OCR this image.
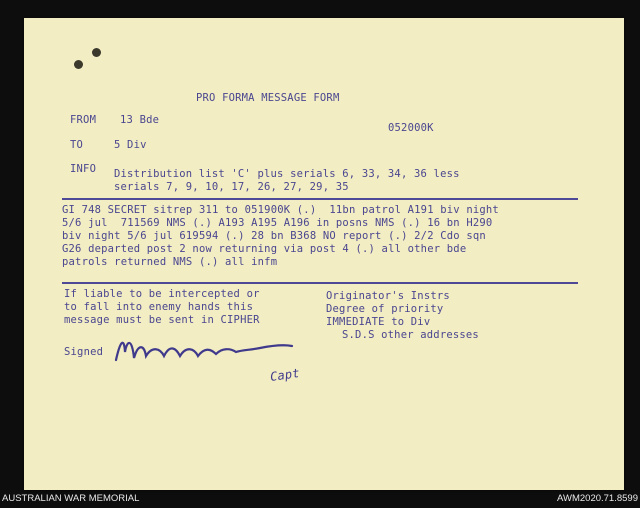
PRO FORMA MESSAGE FORM
FROM 13 Bde
052000K
TO	5 Div
INFO Distribution list 'C' plus serials 6, 33, 34, 36 less
serials 7, 9, 10, 17, 26, 27, 29, 35
GI 748 SECRET sitrep 311 to 051900K (.)  11bn patrol A191 biv night
5/6 jul  711569 NMS (.) A193 A195 A196 in posns NMS (.) 16 bn H290
biv night 5/6 jul 619594 (.) 28 bn B368 NO report (.) 2/2 Cdo sqn
G26 departed post 2 now returning via post 4 (.) all other bde
patrols returned NMS (.) all infm
If liable to be intercepted or
to fall into enemy hands this
message must be sent in CIPHER
Originator's Instrs
Degree of priority
IMMEDIATE to Div
S.D.S other addresses
Signed
Capt
AUSTRALIAN WAR MEMORIAL	AWM2020.71.8599
